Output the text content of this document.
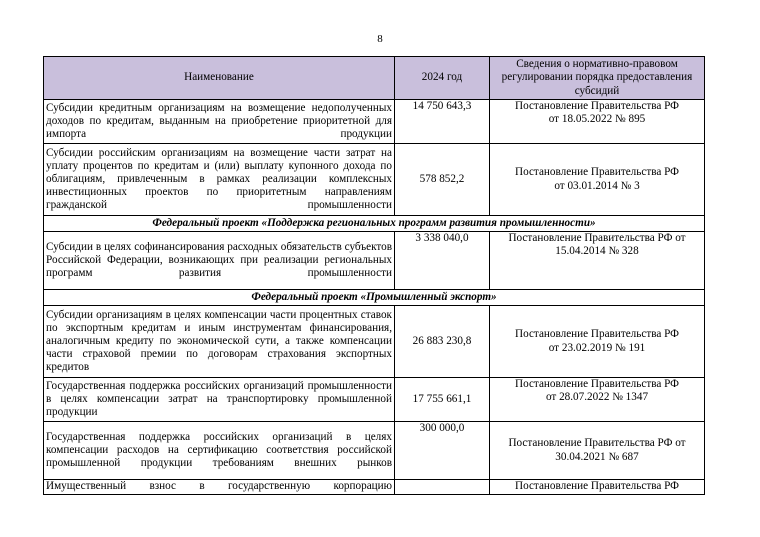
8
Наименование	2024 год	Сведения о нормативно-правовом
регулировании порядка предоставления
субсидий

Субсидии кредитным организациям на возмещение недополученных доходов по кредитам, выданным на приобретение приоритетной для импорта продукции	14 750 643,3	Постановление Правительства РФ
от 18.05.2022 № 895

Субсидии российским организациям на возмещение части затрат на уплату процентов по кредитам и (или) выплату купонного дохода по облигациям, привлеченным в рамках реализации комплексных инвестиционных проектов по приоритетным направлениям гражданской промышленности	578 852,2	Постановление Правительства РФ
от 03.01.2014 № 3

Федеральный проект «Поддержка региональных программ развития промышленности»		
Субсидии в целях софинансирования расходных обязательств субъектов Российской Федерации, возникающих при реализации региональных программ развития промышленности	3 338 040,0	Постановление Правительства РФ от
15.04.2014 № 328

Федеральный проект «Промышленный экспорт»		
Субсидии организациям в целях компенсации части процентных ставок по экспортным кредитам и иным инструментам финансирования, аналогичным кредиту по экономической сути, а также компенсации части страховой премии по договорам страхования экспортных кредитов	26 883 230,8	Постановление Правительства РФ
от 23.02.2019 № 191

Государственная поддержка российских организаций промышленности в целях компенсации затрат на транспортировку промышленной продукции	17 755 661,1	Постановление Правительства РФ
от 28.07.2022 № 1347

Государственная поддержка российских организаций в целях компенсации расходов на сертификацию соответствия российской промышленной продукции требованиям внешних рынков	300 000,0	Постановление Правительства РФ от
30.04.2021 № 687

Имущественный взнос в государственную корпорацию		Постановление Правительства РФ
